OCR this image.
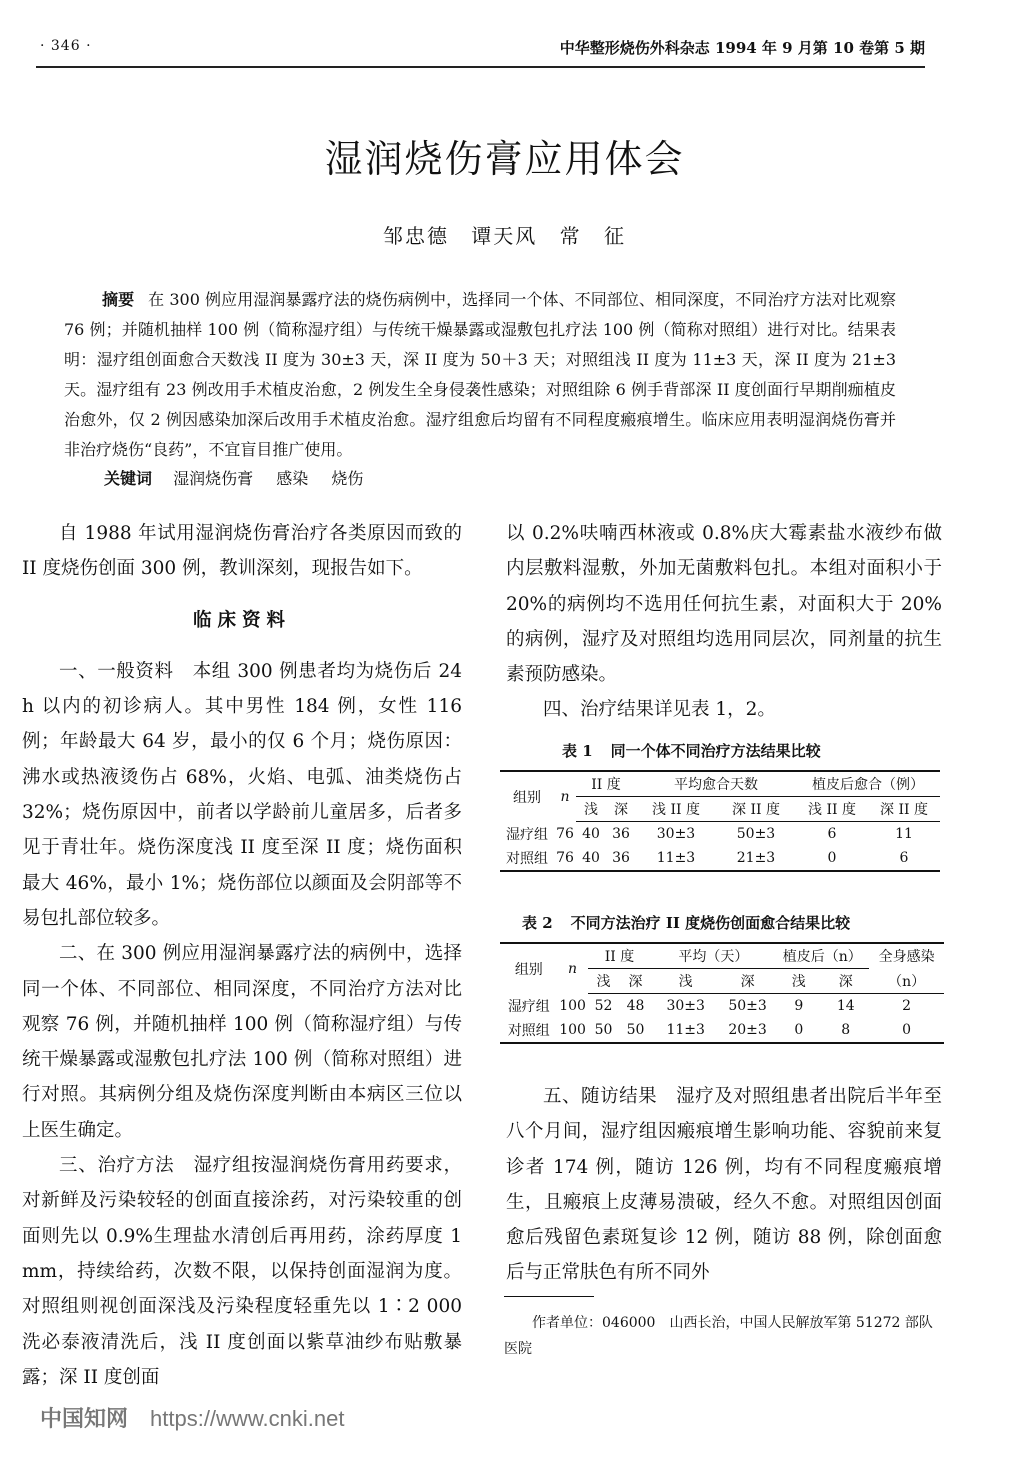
· 346 ·	中华整形烧伤外科杂志 1994 年 9 月第 10 卷第 5 期
湿润烧伤膏应用体会
邹忠德 谭天风 常 征
摘要 在 300 例应用湿润暴露疗法的烧伤病例中，选择同一个体、不同部位、相同深度，不同治疗方法对比观察 76 例；并随机抽样 100 例（简称湿疗组）与传统干燥暴露或湿敷包扎疗法 100 例（简称对照组）进行对比。结果表明：湿疗组创面愈合天数浅 II 度为 30±3 天，深 II 度为 50＋3 天；对照组浅 II 度为 11±3 天，深 II 度为 21±3 天。湿疗组有 23 例改用手术植皮治愈，2 例发生全身侵袭性感染；对照组除 6 例手背部深 II 度创面行早期削痂植皮治愈外，仅 2 例因感染加深后改用手术植皮治愈。湿疗组愈后均留有不同程度瘢痕增生。临床应用表明湿润烧伤膏并非治疗烧伤“良药”，不宜盲目推广使用。
关键词 湿润烧伤膏 感染 烧伤

自 1988 年试用湿润烧伤膏治疗各类原因而致的 II 度烧伤创面 300 例，教训深刻，现报告如下。

临床资料

一、一般资料　本组 300 例患者均为烧伤后 24 h 以内的初诊病人。其中男性 184 例，女性 116 例；年龄最大 64 岁，最小的仅 6 个月；烧伤原因：沸水或热液烫伤占 68%，火焰、电弧、油类烧伤占 32%；烧伤原因中，前者以学龄前儿童居多，后者多见于青壮年。烧伤深度浅 II 度至深 II 度；烧伤面积最大 46%，最小 1%；烧伤部位以颜面及会阴部等不易包扎部位较多。

二、在 300 例应用湿润暴露疗法的病例中，选择同一个体、不同部位、相同深度，不同治疗方法对比观察 76 例，并随机抽样 100 例（简称湿疗组）与传统干燥暴露或湿敷包扎疗法 100 例（简称对照组）进行对照。其病例分组及烧伤深度判断由本病区三位以上医生确定。

三、治疗方法　湿疗组按湿润烧伤膏用药要求，对新鲜及污染较轻的创面直接涂药，对污染较重的创面则先以 0.9%生理盐水清创后再用药，涂药厚度 1 mm，持续给药，次数不限，以保持创面湿润为度。对照组则视创面深浅及污染程度轻重先以 1∶2 000 洗必泰液清洗后，浅 II 度创面以紫草油纱布贴敷暴露；深 II 度创面

以 0.2%呋喃西林液或 0.8%庆大霉素盐水液纱布做内层敷料湿敷，外加无菌敷料包扎。本组对面积小于 20%的病例均不选用任何抗生素，对面积大于 20%的病例，湿疗及对照组均选用同层次，同剂量的抗生素预防感染。

四、治疗结果详见表 1，2。

表 1 同一个体不同治疗方法结果比较
组别	n	II 度		平均愈合天数		植皮后愈合（例）	
		浅	深	浅 II 度	深 II 度	浅 II 度	深 II 度
湿疗组	76	40	36	30±3	50±3	6	11
对照组	76	40	36	11±3	21±3	0	6
表 2 不同方法治疗 II 度烧伤创面愈合结果比较
组别	n	II 度		平均（天）		植皮后（n）		全身感染
		浅	深	浅	深	浅	深	（n）
湿疗组	100	52	48	30±3	50±3	9	14	2
对照组	100	50	50	11±3	20±3	0	8	0

五、随访结果　湿疗及对照组患者出院后半年至八个月间，湿疗组因瘢痕增生影响功能、容貌前来复诊者 174 例，随访 126 例，均有不同程度瘢痕增生，且瘢痕上皮薄易溃破，经久不愈。对照组因创面愈后残留色素斑复诊 12 例，随访 88 例，除创面愈后与正常肤色有所不同外

作者单位：046000　山西长治，中国人民解放军第 51272 部队医院
中国知网 https://www.cnki.net
